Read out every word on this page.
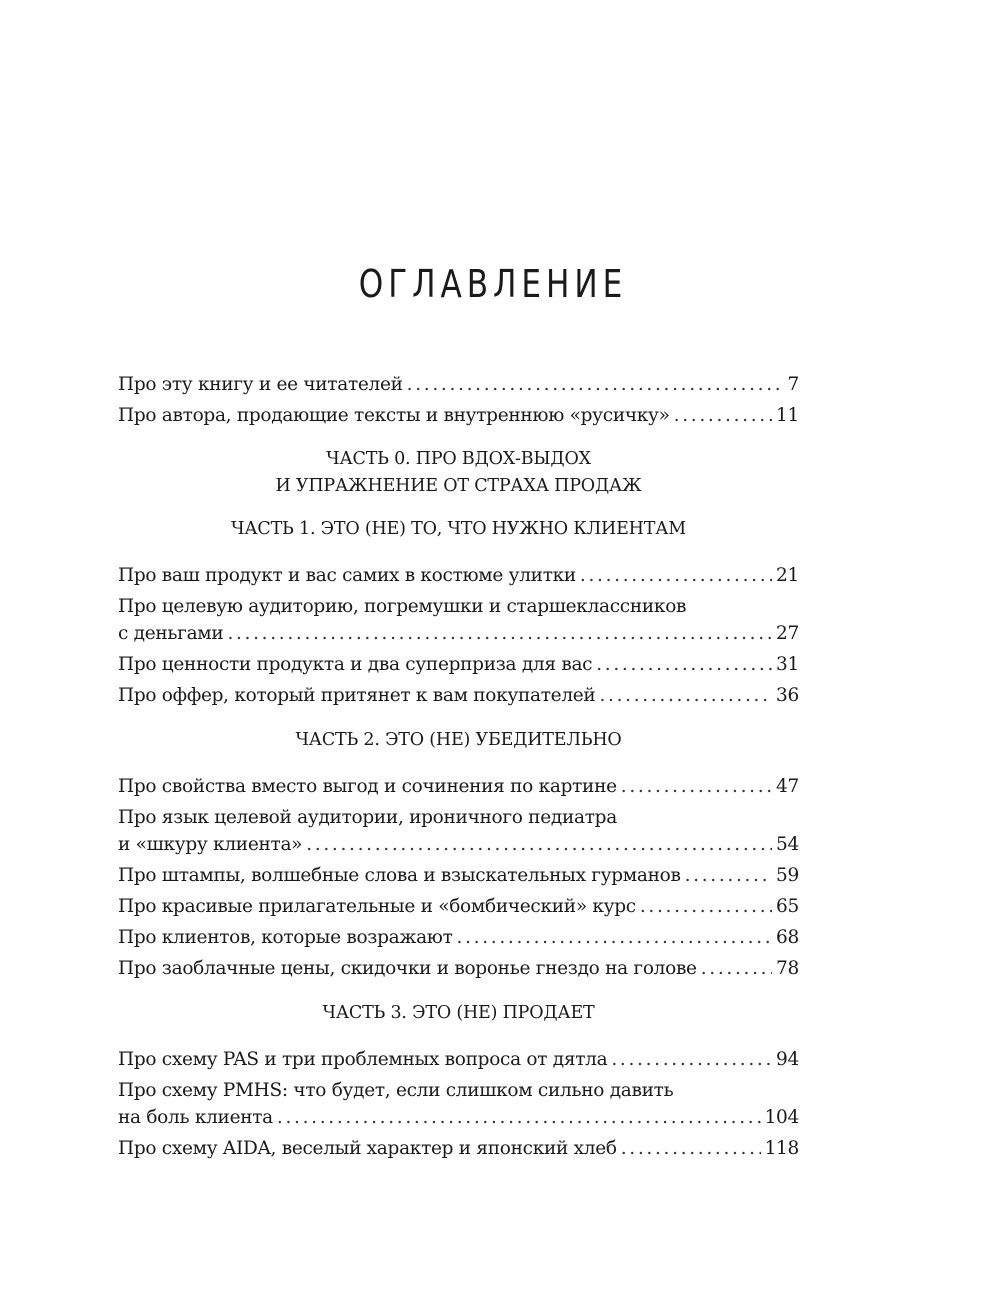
ОГЛАВЛЕНИЕ
Про эту книгу и ее читателей . . .	7
Про автора, продающие тексты и внутреннюю «русичку» . . .	11
ЧАСТЬ 0. ПРО ВДОХ-ВЫДОХ
И УПРАЖНЕНИЕ ОТ СТРАХА ПРОДАЖ
ЧАСТЬ 1. ЭТО (НЕ) ТО, ЧТО НУЖНО КЛИЕНТАМ
Про ваш продукт и вас самих в костюме улитки . . .	21
Про целевую аудиторию, погремушки и старшеклассников
с деньгами . . .	27
Про ценности продукта и два суперприза для вас . . .	31
Про оффер, который притянет к вам покупателей . . .	36
ЧАСТЬ 2. ЭТО (НЕ) УБЕДИТЕЛЬНО
Про свойства вместо выгод и сочинения по картине . . .	47
Про язык целевой аудитории, ироничного педиатра
и «шкуру клиента» . . .	54
Про штампы, волшебные слова и взыскательных гурманов . . .	59
Про красивые прилагательные и «бомбический» курс . . .	65
Про клиентов, которые возражают . . .	68
Про заоблачные цены, скидочки и воронье гнездо на голове . . .	78
ЧАСТЬ 3. ЭТО (НЕ) ПРОДАЕТ
Про схему PAS и три проблемных вопроса от дятла . . .	94
Про схему PMHS: что будет, если слишком сильно давить
на боль клиента . . .	104
Про схему AIDA, веселый характер и японский хлеб . . .	118
